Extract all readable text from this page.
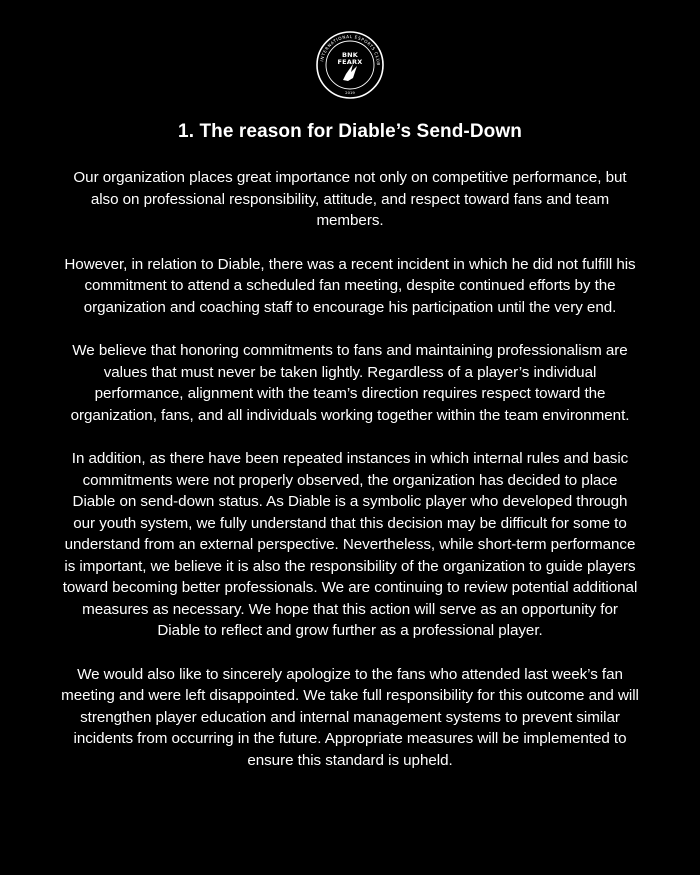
INTERNATIONAL ESPORTS CLUB
2019
BNK
FEARX
1. The reason for Diable’s Send-Down

Our organization places great importance not only on competitive performance, but also on professional responsibility, attitude, and respect toward fans and team members.

However, in relation to Diable, there was a recent incident in which he did not fulfill his commitment to attend a scheduled fan meeting, despite continued efforts by the organization and coaching staff to encourage his participation until the very end.

We believe that honoring commitments to fans and maintaining professionalism are values that must never be taken lightly. Regardless of a player’s individual performance, alignment with the team’s direction requires respect toward the organization, fans, and all individuals working together within the team environment.

In addition, as there have been repeated instances in which internal rules and basic commitments were not properly observed, the organization has decided to place Diable on send-down status. As Diable is a symbolic player who developed through our youth system, we fully understand that this decision may be difficult for some to understand from an external perspective. Nevertheless, while short-term performance is important, we believe it is also the responsibility of the organization to guide players toward becoming better professionals. We are continuing to review potential additional measures as necessary. We hope that this action will serve as an opportunity for Diable to reflect and grow further as a professional player.

We would also like to sincerely apologize to the fans who attended last week’s fan meeting and were left disappointed. We take full responsibility for this outcome and will strengthen player education and internal management systems to prevent similar incidents from occurring in the future. Appropriate measures will be implemented to ensure this standard is upheld.
